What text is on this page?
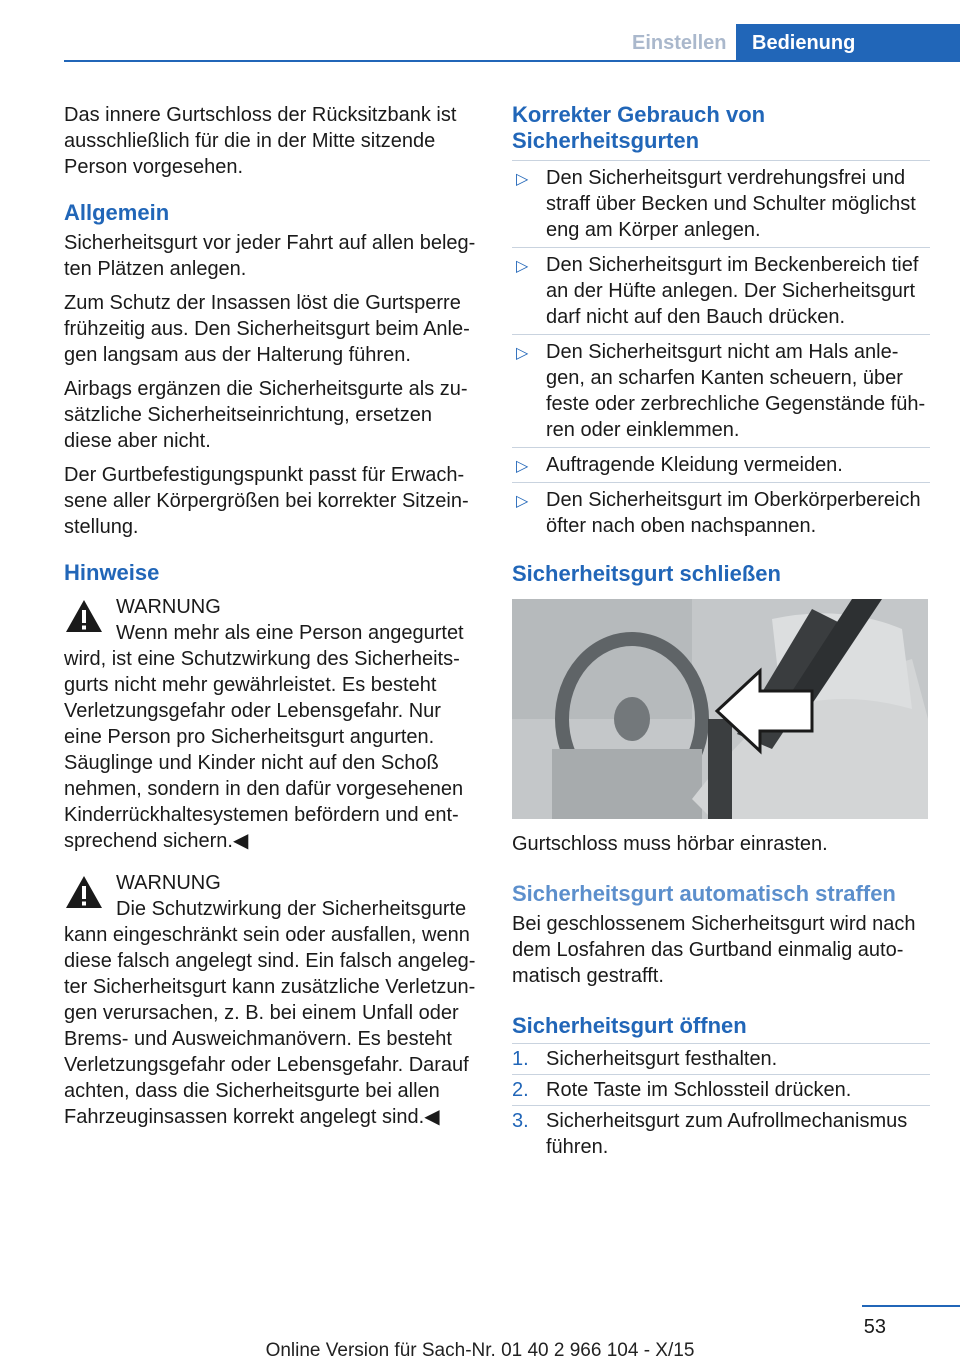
Einstellen	Bedienung

Das innere Gurtschloss der Rücksitzbank ist ausschließlich für die in der Mitte sitzende Person vorgesehen.

Allgemein

Sicherheitsgurt vor jeder Fahrt auf allen belegten Plätzen anlegen.

Zum Schutz der Insassen löst die Gurtsperre frühzeitig aus. Den Sicherheitsgurt beim Anlegen langsam aus der Halterung führen.

Airbags ergänzen die Sicherheitsgurte als zusätzliche Sicherheitseinrichtung, ersetzen diese aber nicht.

Der Gurtbefestigungspunkt passt für Erwachsene aller Körpergrößen bei korrekter Sitzeinstellung.

Hinweise

WARNUNG

Wenn mehr als eine Person angegurtet

wird, ist eine Schutzwirkung des Sicherheitsgurts nicht mehr gewährleistet. Es besteht Verletzungsgefahr oder Lebensgefahr. Nur eine Person pro Sicherheitsgurt angurten. Säuglinge und Kinder nicht auf den Schoß nehmen, sondern in den dafür vorgesehenen Kinderrückhaltesystemen befördern und entsprechend sichern.◀

WARNUNG

Die Schutzwirkung der Sicherheitsgurte

kann eingeschränkt sein oder ausfallen, wenn diese falsch angelegt sind. Ein falsch angelegter Sicherheitsgurt kann zusätzliche Verletzungen verursachen, z. B. bei einem Unfall oder Brems- und Ausweichmanövern. Es besteht Verletzungsgefahr oder Lebensgefahr. Darauf achten, dass die Sicherheitsgurte bei allen Fahrzeuginsassen korrekt angelegt sind.◀

Korrekter Gebrauch von Sicherheitsgurten
▷ Den Sicherheitsgurt verdrehungsfrei und straff über Becken und Schulter möglichst eng am Körper anlegen.
▷ Den Sicherheitsgurt im Beckenbereich tief an der Hüfte anlegen. Der Sicherheitsgurt darf nicht auf den Bauch drücken.
▷ Den Sicherheitsgurt nicht am Hals anlegen, an scharfen Kanten scheuern, über feste oder zerbrechliche Gegenstände führen oder einklemmen.
▷ Auftragende Kleidung vermeiden.
▷ Den Sicherheitsgurt im Oberkörperbereich öfter nach oben nachspannen.
Sicherheitsgurt schließen

Gurtschloss muss hörbar einrasten.

Sicherheitsgurt automatisch straffen

Bei geschlossenem Sicherheitsgurt wird nach dem Losfahren das Gurtband einmalig automatisch gestrafft.

Sicherheitsgurt öffnen
1. Sicherheitsgurt festhalten.
2. Rote Taste im Schlossteil drücken.
3. Sicherheitsgurt zum Aufrollmechanismus führen.
53
Online Version für Sach-Nr. 01 40 2 966 104 - X/15
